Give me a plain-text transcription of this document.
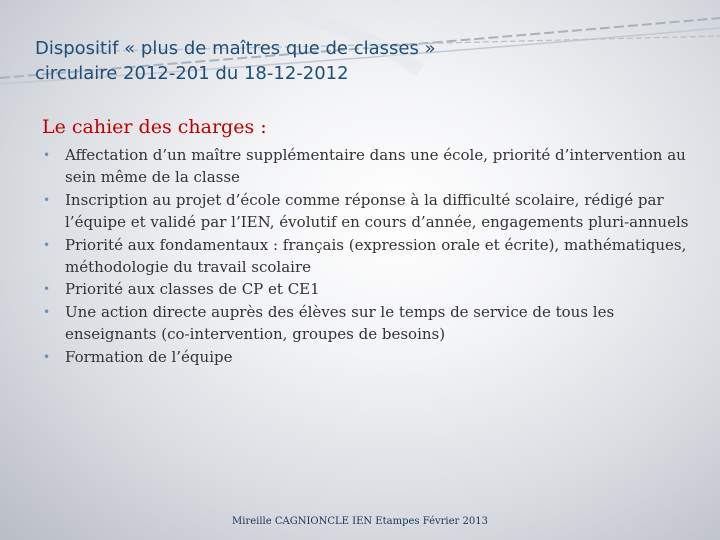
Dispositif « plus de maîtres que de classes »
circulaire 2012-201 du 18-12-2012
Le cahier des charges :
• Affectation d’un maître supplémentaire dans une école, priorité d’intervention au sein même de la classe
• Inscription au projet d’école comme réponse à la difficulté scolaire, rédigé par l’équipe et validé par l’IEN, évolutif en cours d’année, engagements pluri-annuels
• Priorité aux fondamentaux : français (expression orale et écrite), mathématiques, méthodologie du travail scolaire
• Priorité aux classes de CP et CE1
• Une action directe auprès des élèves sur le temps de service de tous les enseignants (co-intervention, groupes de besoins)
• Formation de l’équipe
Mireille CAGNIONCLE IEN Etampes Février 2013
